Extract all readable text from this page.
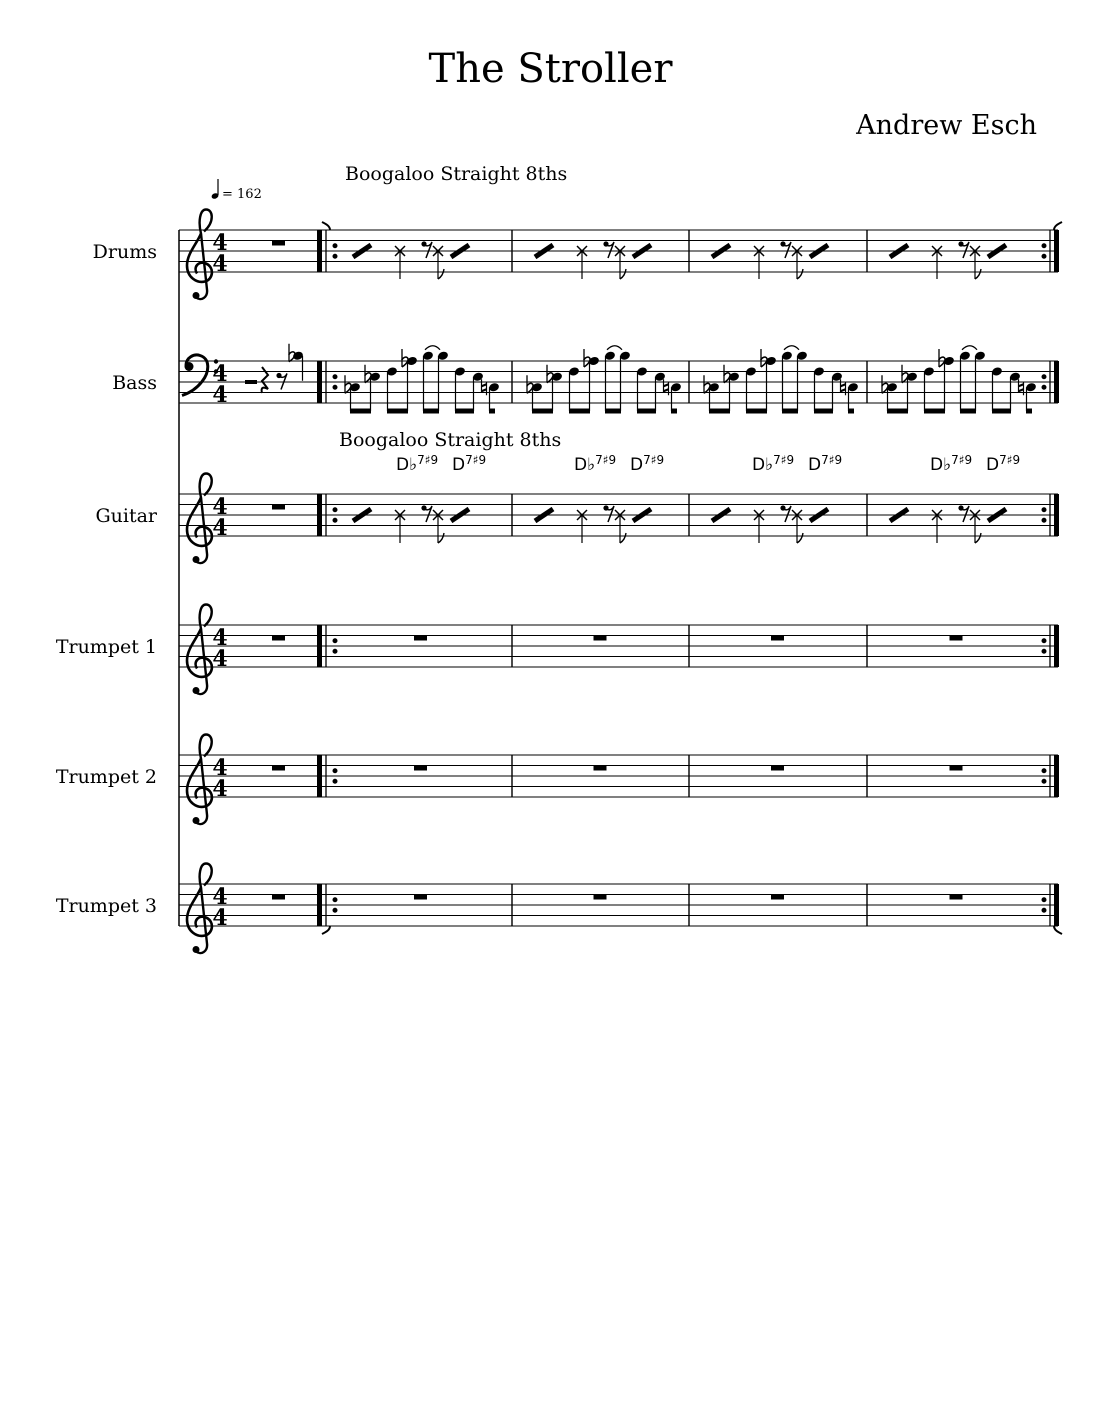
The Stroller
Andrew Esch
= 162
Boogaloo Straight 8ths
Drums	4
4
Bass	4
4
Guitar	4
4
Trumpet 1	4
4
Trumpet 2	4
4
Trumpet 3	4
4
Boogaloo Straight 8ths
D♭$^{7♯9}$ $D^{7♯9}$	D♭$^{7♯9}$ $D^{7♯9}$	D♭$^{7♯9}$ $D^{7♯9}$	D♭$^{7♯9}$ $D^{7♯9}$
